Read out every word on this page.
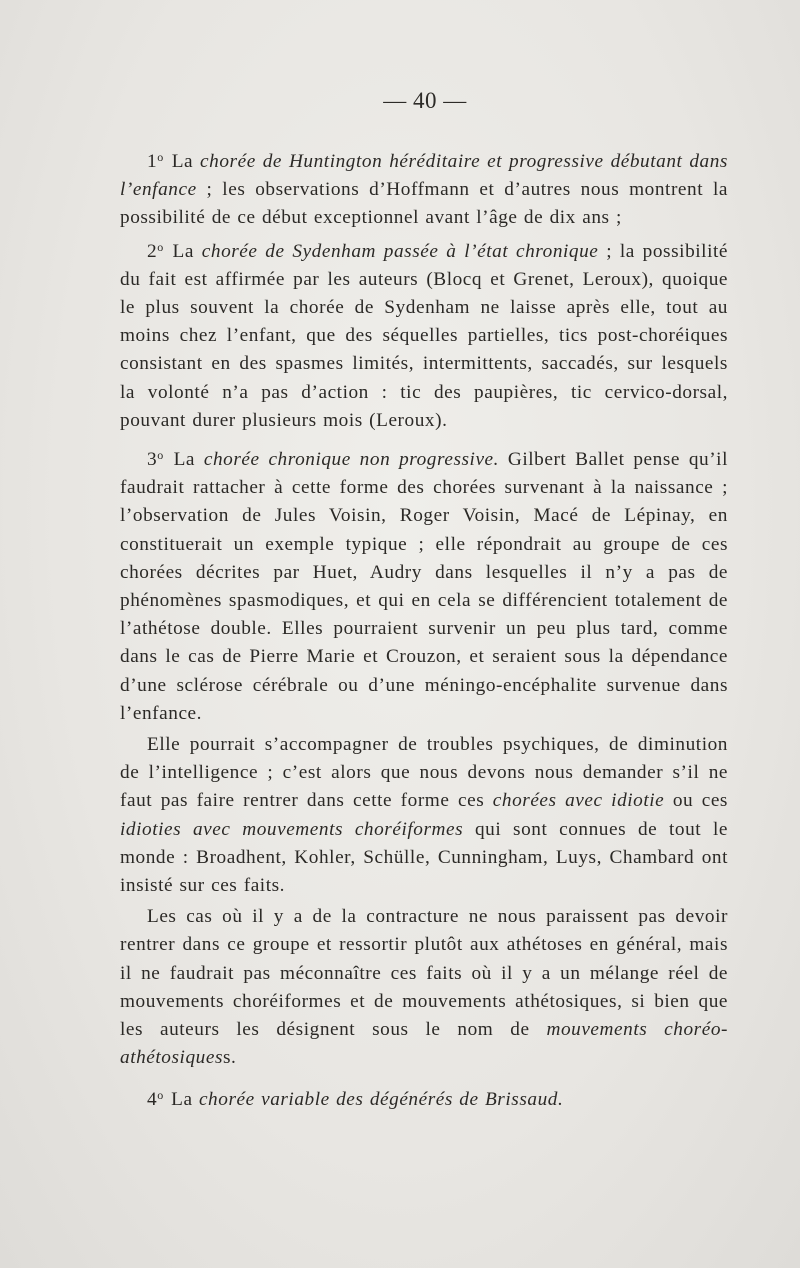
— 40 —

1$^o$ La chorée de Huntington héréditaire et progressive débutant dans l’enfance ; les observations d’Hoffmann et d’autres nous montrent la possibilité de ce début exceptionnel avant l’âge de dix ans ;

2$^o$ La chorée de Sydenham passée à l’état chronique ; la possibilité du fait est affirmée par les auteurs (Blocq et Grenet, Leroux), quoique le plus souvent la chorée de Sydenham ne laisse après elle, tout au moins chez l’enfant, que des séquelles partielles, tics post-choréiques consistant en des spasmes limités, intermittents, saccadés, sur lesquels la volonté n’a pas d’action : tic des paupières, tic cervico-dorsal, pouvant durer plusieurs mois (Leroux).

3$^o$ La chorée chronique non progressive. Gilbert Ballet pense qu’il faudrait rattacher à cette forme des chorées survenant à la naissance ; l’observation de Jules Voisin, Roger Voisin, Macé de Lépinay, en constituerait un exemple typique ; elle répondrait au groupe de ces chorées décrites par Huet, Audry dans lesquelles il n’y a pas de phénomènes spasmodiques, et qui en cela se différencient totalement de l’athétose double. Elles pourraient survenir un peu plus tard, comme dans le cas de Pierre Marie et Crouzon, et seraient sous la dépendance d’une sclérose cérébrale ou d’une méningo-encéphalite survenue dans l’enfance.

Elle pourrait s’accompagner de troubles psychiques, de diminution de l’intelligence ; c’est alors que nous devons nous demander s’il ne faut pas faire rentrer dans cette forme ces chorées avec idiotie ou ces idioties avec mouvements choréiformes qui sont connues de tout le monde : Broadhent, Kohler, Schülle, Cunningham, Luys, Chambard ont insisté sur ces faits.

Les cas où il y a de la contracture ne nous paraissent pas devoir rentrer dans ce groupe et ressortir plutôt aux athétoses en général, mais il ne faudrait pas méconnaître ces faits où il y a un mélange réel de mouvements choréiformes et de mouvements athétosiques, si bien que les auteurs les désignent sous le nom de mouvements choréo-athétosiquess.

4$^o$ La chorée variable des dégénérés de Brissaud.
